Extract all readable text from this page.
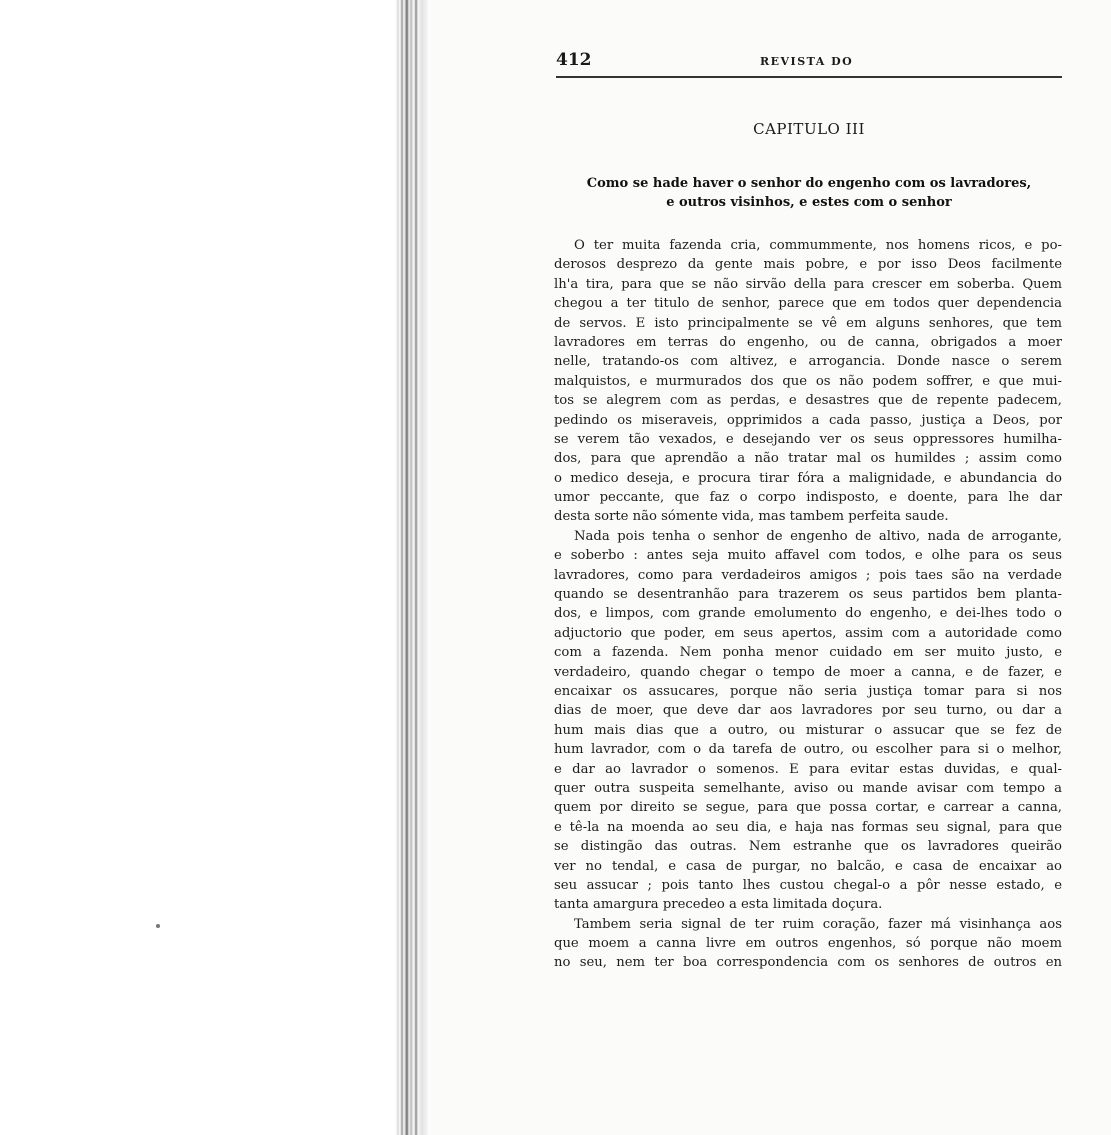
412	REVISTA DO
CAPITULO III
Como se hade haver o senhor do engenho com os lavradores,
e outros visinhos, e estes com o senhor
O ter muita fazenda cria, commummente, nos homens ricos, e po-
derosos desprezo da gente mais pobre, e por isso Deos facilmente
lh'a tira, para que se não sirvão della para crescer em soberba. Quem
chegou a ter titulo de senhor, parece que em todos quer dependencia
de servos. E isto principalmente se vê em alguns senhores, que tem
lavradores em terras do engenho, ou de canna, obrigados a moer
nelle, tratando-os com altivez, e arrogancia. Donde nasce o serem
malquistos, e murmurados dos que os não podem soffrer, e que mui-
tos se alegrem com as perdas, e desastres que de repente padecem,
pedindo os miseraveis, opprimidos a cada passo, justiça a Deos, por
se verem tão vexados, e desejando ver os seus oppressores humilha-
dos, para que aprendão a não tratar mal os humildes ; assim como
o medico deseja, e procura tirar fóra a malignidade, e abundancia do
umor peccante, que faz o corpo indisposto, e doente, para lhe dar
desta sorte não sómente vida, mas tambem perfeita saude.
Nada pois tenha o senhor de engenho de altivo, nada de arrogante,
e soberbo : antes seja muito affavel com todos, e olhe para os seus
lavradores, como para verdadeiros amigos ; pois taes são na verdade
quando se desentranhão para trazerem os seus partidos bem planta-
dos, e limpos, com grande emolumento do engenho, e dei-lhes todo o
adjuctorio que poder, em seus apertos, assim com a autoridade como
com a fazenda. Nem ponha menor cuidado em ser muito justo, e
verdadeiro, quando chegar o tempo de moer a canna, e de fazer, e
encaixar os assucares, porque não seria justiça tomar para si nos
dias de moer, que deve dar aos lavradores por seu turno, ou dar a
hum mais dias que a outro, ou misturar o assucar que se fez de
hum lavrador, com o da tarefa de outro, ou escolher para si o melhor,
e dar ao lavrador o somenos. E para evitar estas duvidas, e qual-
quer outra suspeita semelhante, aviso ou mande avisar com tempo a
quem por direito se segue, para que possa cortar, e carrear a canna,
e tê-la na moenda ao seu dia, e haja nas formas seu signal, para que
se distingão das outras. Nem estranhe que os lavradores queirão
ver no tendal, e casa de purgar, no balcão, e casa de encaixar ao
seu assucar ; pois tanto lhes custou chegal-o a pôr nesse estado, e
tanta amargura precedeo a esta limitada doçura.
Tambem seria signal de ter ruim coração, fazer má visinhança aos
que moem a canna livre em outros engenhos, só porque não moem
no seu, nem ter boa correspondencia com os senhores de outros en
